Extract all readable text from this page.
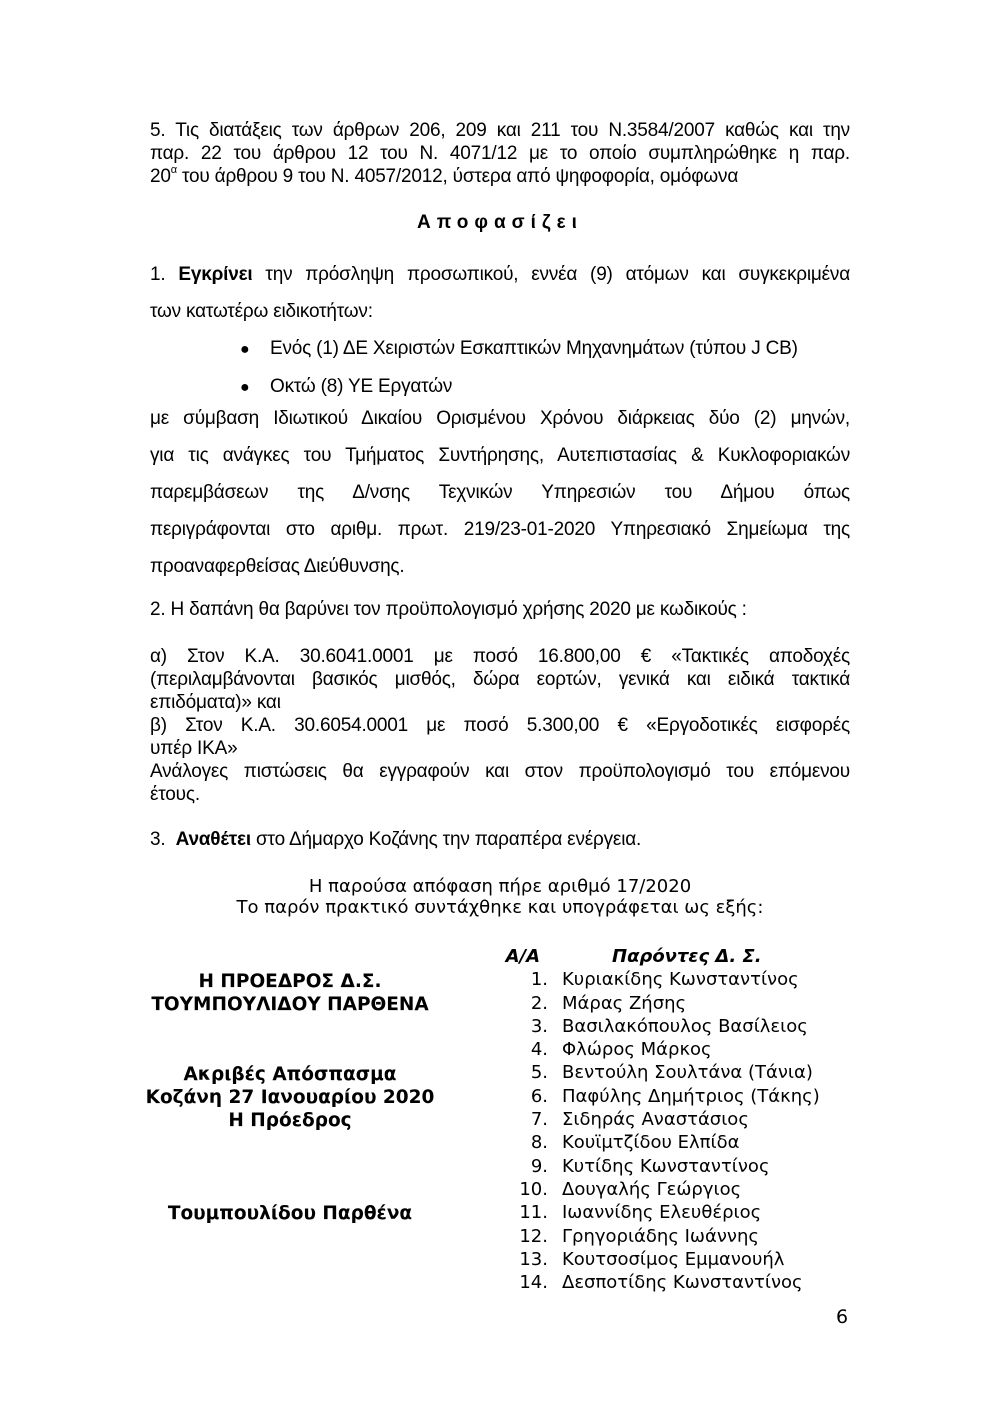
5. Τις διατάξεις των άρθρων 206, 209 και 211 του Ν.3584/2007 καθώς και την
παρ. 22 του άρθρου 12 του Ν. 4071/12 με το οποίο συμπληρώθηκε η παρ.
$20^\alpha$ του άρθρου 9 του Ν. 4057/2012, ύστερα από ψηφοφορία, ομόφωνα
Αποφασίζει
1. Εγκρίνει την πρόσληψη προσωπικού, εννέα (9) ατόμων και συγκεκριμένα
των κατωτέρω ειδικοτήτων:
●	Ενός (1) ΔΕ Χειριστών Εσκαπτικών Μηχανημάτων (τύπου J CB)
●	Οκτώ (8) ΥΕ Εργατών
με σύμβαση Ιδιωτικού Δικαίου Ορισμένου Χρόνου διάρκειας δύο (2) μηνών,
για τις ανάγκες του Τμήματος Συντήρησης, Αυτεπιστασίας & Κυκλοφοριακών
παρεμβάσεων της Δ/νσης Τεχνικών Υπηρεσιών του Δήμου όπως
περιγράφονται στο αριθμ. πρωτ. 219/23-01-2020 Υπηρεσιακό Σημείωμα της
προαναφερθείσας Διεύθυνσης.
2. Η δαπάνη θα βαρύνει τον προϋπολογισμό χρήσης 2020 με κωδικούς :
α) Στον Κ.Α. 30.6041.0001 με ποσό 16.800,00 € «Τακτικές αποδοχές
(περιλαμβάνονται βασικός μισθός, δώρα εορτών, γενικά και ειδικά τακτικά
επιδόματα)» και
β) Στον Κ.Α. 30.6054.0001 με ποσό 5.300,00 € «Εργοδοτικές εισφορές
υπέρ ΙΚΑ»
Ανάλογες πιστώσεις θα εγγραφούν και στον προϋπολογισμό του επόμενου
έτους.
3. Αναθέτει στο Δήμαρχο Κοζάνης την παραπέρα ενέργεια.
Η παρούσα απόφαση πήρε αριθμό 17/2020
Το παρόν πρακτικό συντάχθηκε και υπογράφεται ως εξής:
Η ΠΡΟΕΔΡΟΣ Δ.Σ.
ΤΟΥΜΠΟΥΛΙΔΟΥ ΠΑΡΘΕΝΑ
Ακριβές Απόσπασμα
Κοζάνη 27 Ιανουαρίου 2020
Η Πρόεδρος
Τουμπουλίδου Παρθένα
Α/Α	Παρόντες Δ. Σ.
1. Κυριακίδης Κωνσταντίνος
2. Μάρας Ζήσης
3. Βασιλακόπουλος Βασίλειος
4. Φλώρος Μάρκος
5. Βεντούλη Σουλτάνα (Τάνια)
6. Παφύλης Δημήτριος (Τάκης)
7. Σιδηράς Αναστάσιος
8. Κουϊμτζίδου Ελπίδα
9. Κυτίδης Κωνσταντίνος
10. Δουγαλής Γεώργιος
11. Ιωαννίδης Ελευθέριος
12. Γρηγοριάδης Ιωάννης
13. Κουτσοσίμος Εμμανουήλ
14. Δεσποτίδης Κωνσταντίνος
6
